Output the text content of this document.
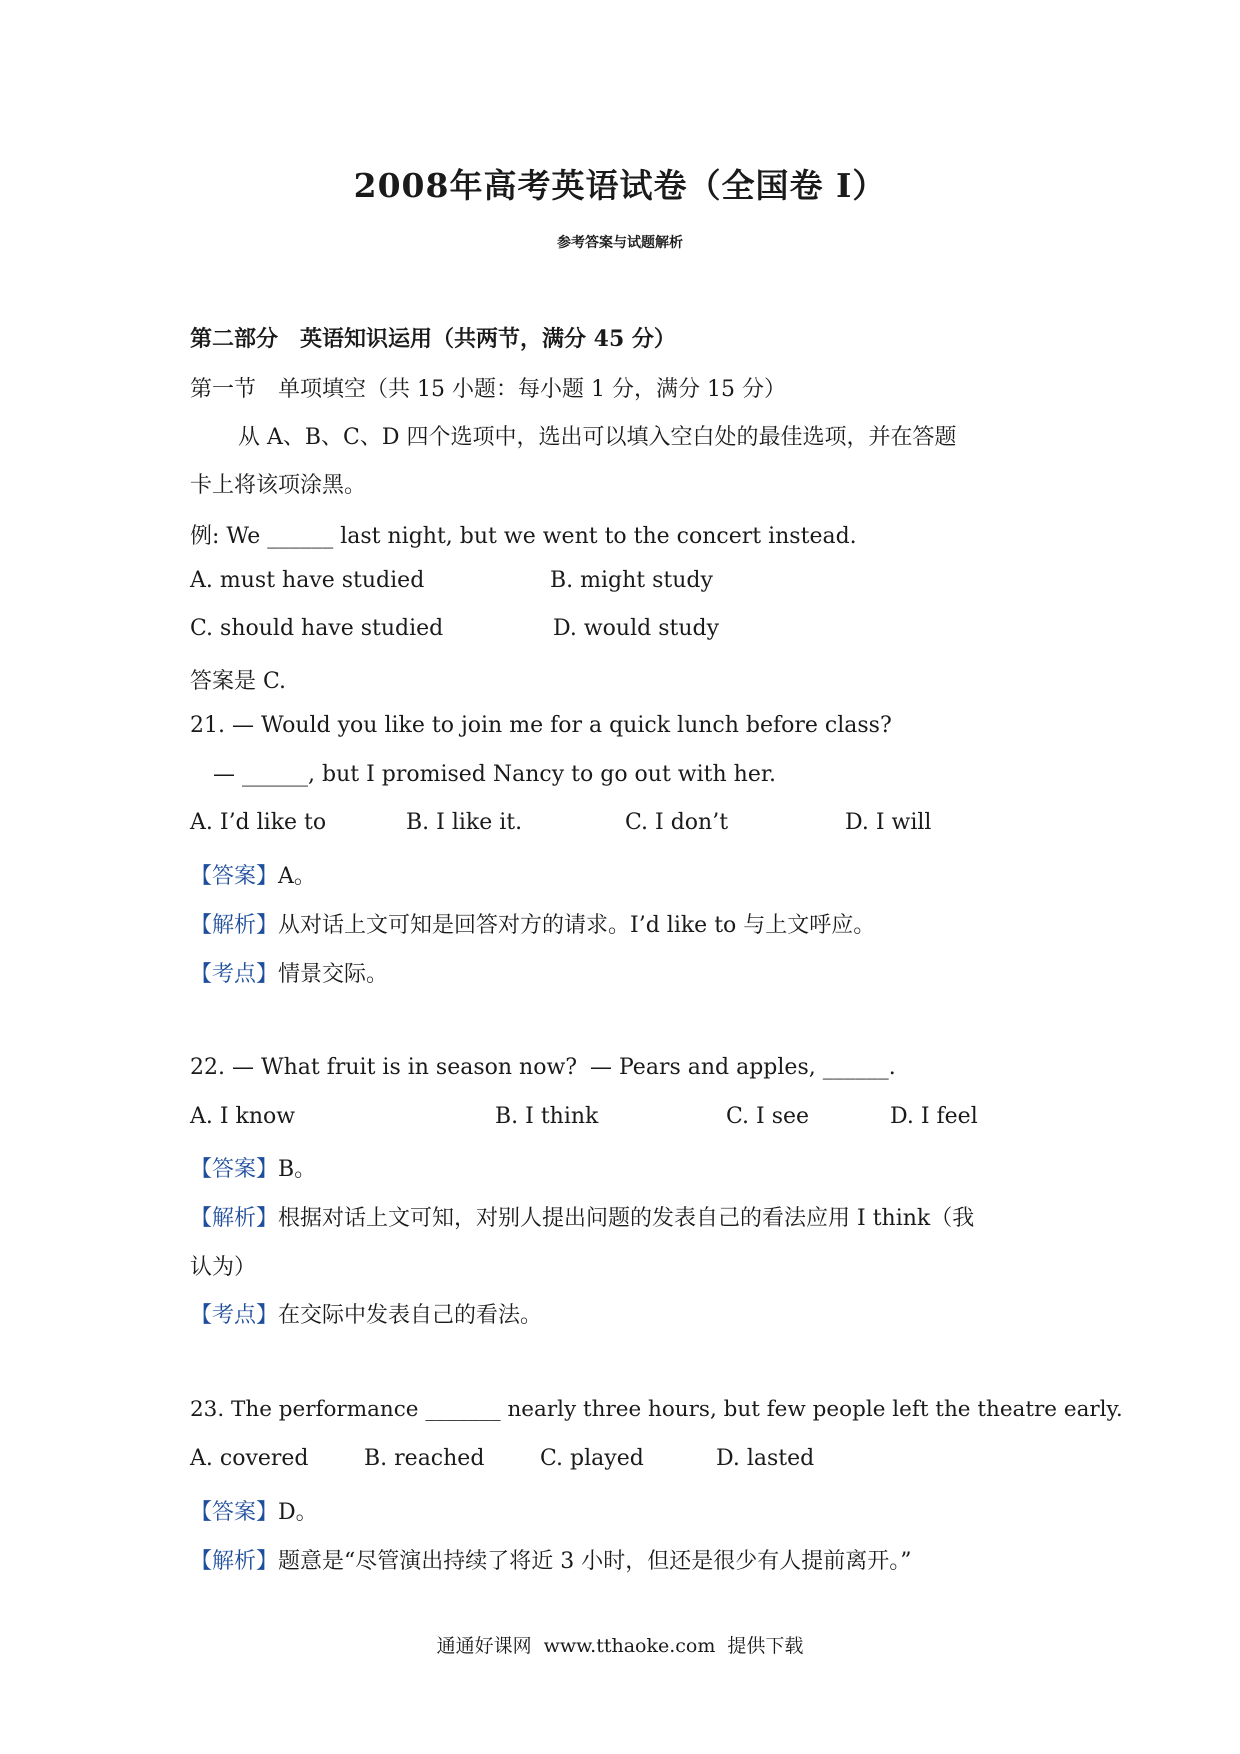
2008年高考英语试卷（全国卷 I）
参考答案与试题解析
第二部分　英语知识运用（共两节，满分 45 分）
第一节　单项填空（共 15 小题：每小题 1 分，满分 15 分）
从 A、B、C、D 四个选项中，选出可以填入空白处的最佳选项，并在答题
卡上将该项涂黑。
例: We ______ last night, but we went to the concert instead.
A. must have studied	B. might study
C. should have studied	D. would study
答案是 C.
21. — Would you like to join me for a quick lunch before class?
— ______, but I promised Nancy to go out with her.
A. I’d like to	B. I like it.	C. I don’t	D. I will
【答案】A。
【解析】从对话上文可知是回答对方的请求。I’d like to 与上文呼应。
【考点】情景交际。
22. — What fruit is in season now? — Pears and apples, ______.
A. I know	B. I think	C. I see	D. I feel
【答案】B。
【解析】根据对话上文可知，对别人提出问题的发表自己的看法应用 I think（我
认为）
【考点】在交际中发表自己的看法。
23. The performance _______ nearly three hours, but few people left the theatre early.
A. covered	B. reached	C. played	D. lasted
【答案】D。
【解析】题意是“尽管演出持续了将近 3 小时，但还是很少有人提前离开。”
通通好课网 www.tthaoke.com 提供下载
